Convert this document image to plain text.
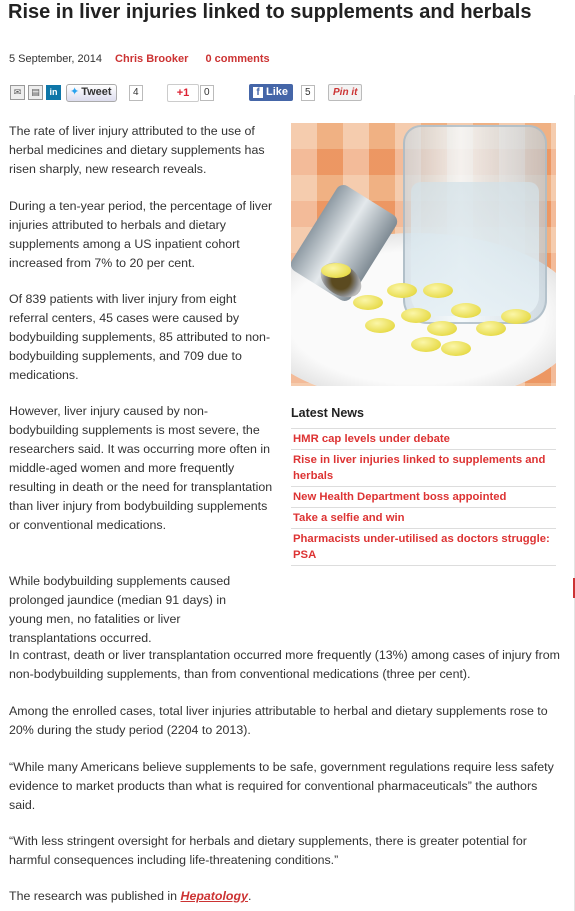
Rise in liver injuries linked to supplements and herbals
5 September, 2014 Chris Brooker 0 comments
✉	▤	in	✦ Tweet	4	+1	0	f Like	5	Pin it

The rate of liver injury attributed to the use of herbal medicines and dietary supplements has risen sharply, new research reveals.

During a ten-year period, the percentage of liver injuries attributed to herbals and dietary supplements among a US inpatient cohort increased from 7% to 20 per cent.

Of 839 patients with liver injury from eight referral centers, 45 cases were caused by bodybuilding supplements, 85 attributed to non-bodybuilding supplements, and 709 due to medications.

However, liver injury caused by non-bodybuilding supplements is most severe, the researchers said. It was occurring more often in middle-aged women and more frequently resulting in death or the need for transplantation than liver injury from bodybuilding supplements or conventional medications.

While bodybuilding supplements caused prolonged jaundice (median 91 days) in young men, no fatalities or liver transplantations occurred.

Latest News
HMR cap levels under debate
Rise in liver injuries linked to supplements and herbals
New Health Department boss appointed
Take a selfie and win
Pharmacists under-utilised as doctors struggle: PSA

In contrast, death or liver transplantation occurred more frequently (13%) among cases of injury from non-bodybuilding supplements, than from conventional medications (three per cent).

Among the enrolled cases, total liver injuries attributable to herbal and dietary supplements rose to 20% during the study period (2204 to 2013).

“While many Americans believe supplements to be safe, government regulations require less safety evidence to market products than what is required for conventional pharmaceuticals” the authors said.

“With less stringent oversight for herbals and dietary supplements, there is greater potential for harmful consequences including life-threatening conditions.”

The research was published in Hepatology.
